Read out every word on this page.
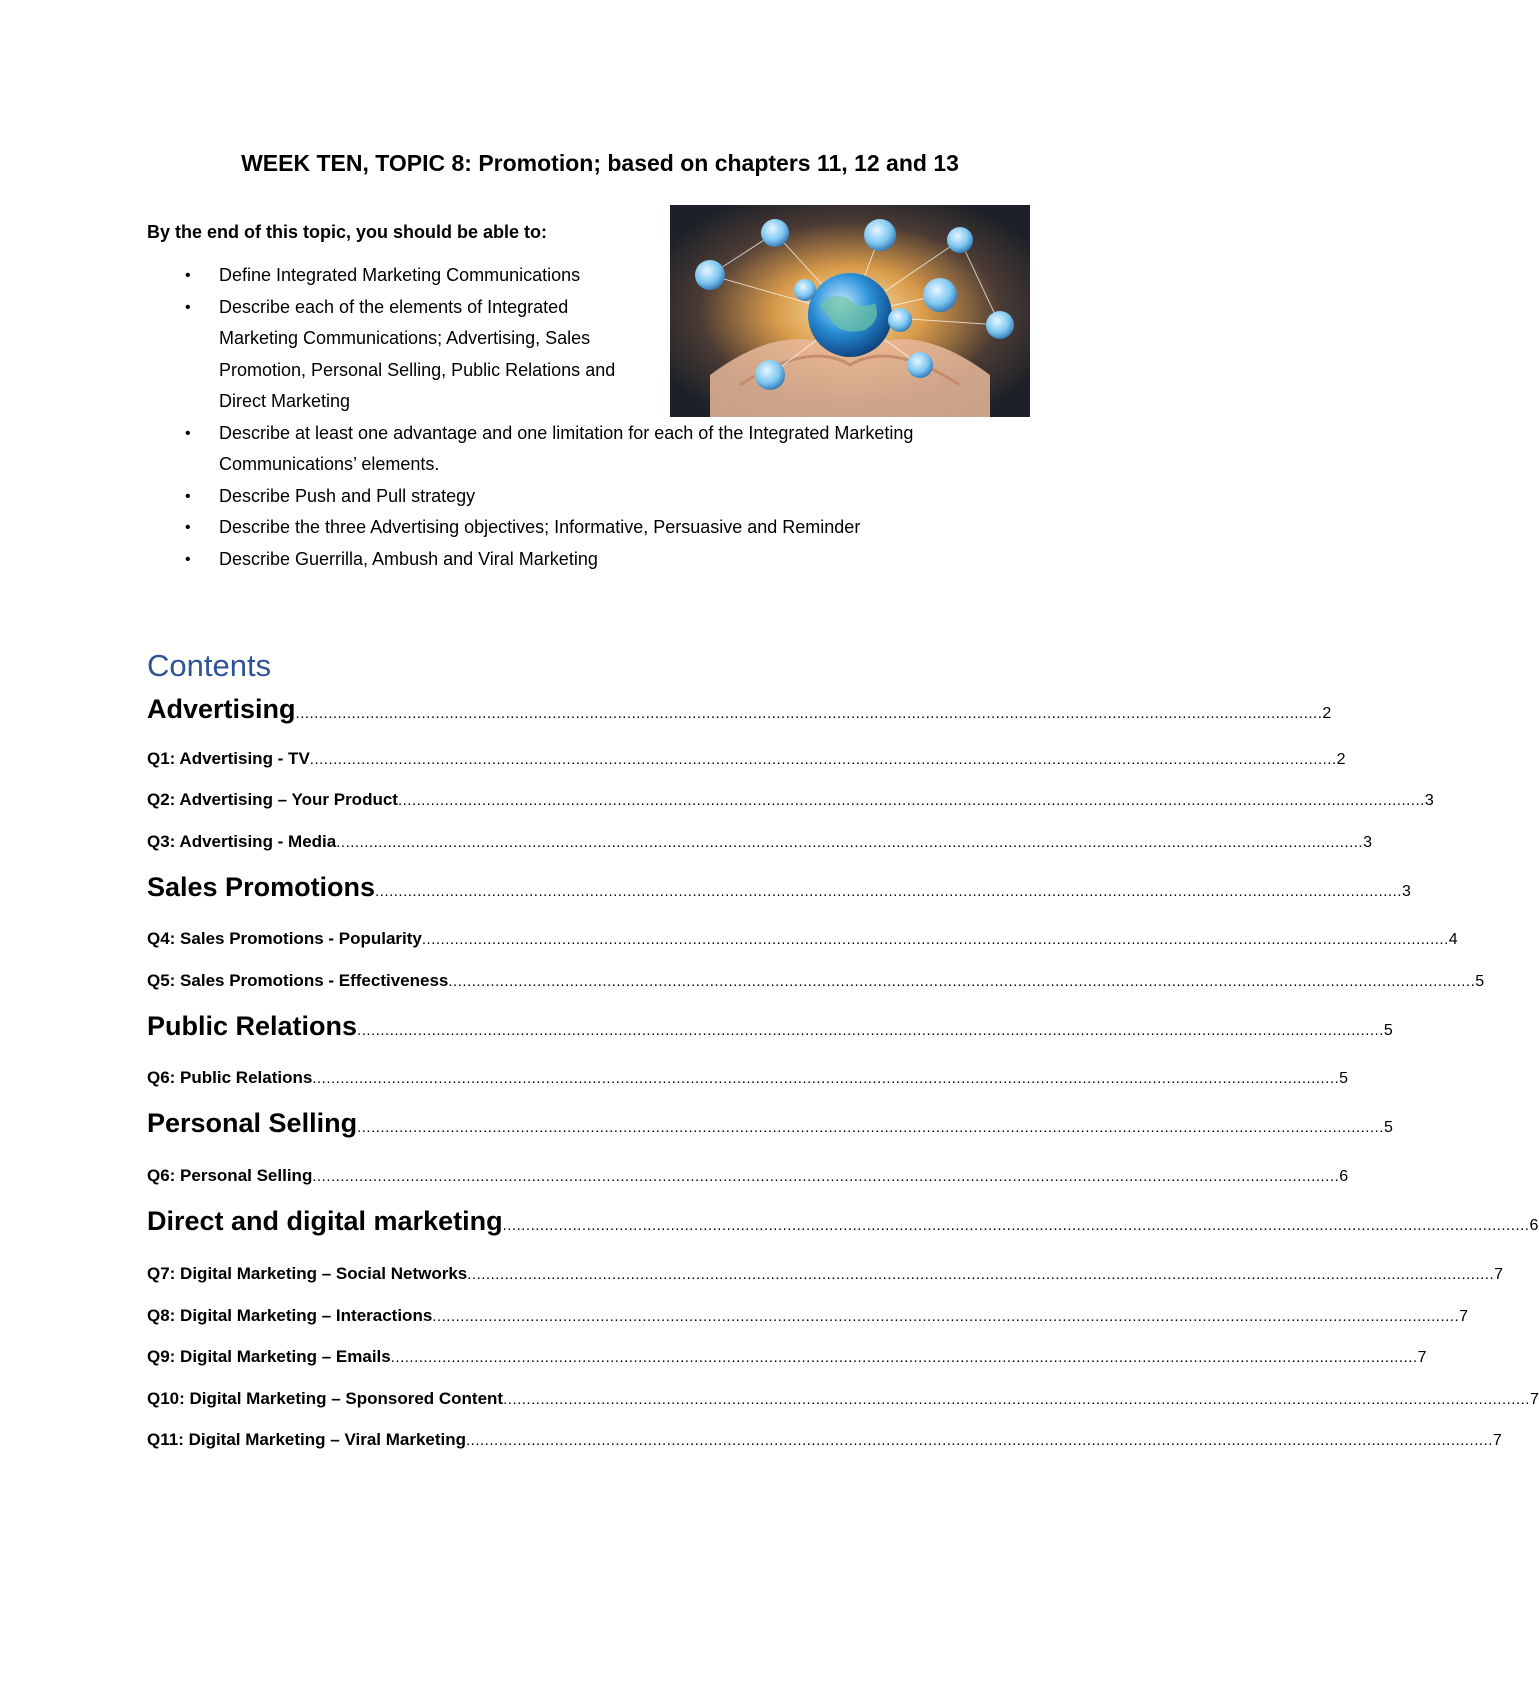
WEEK TEN, TOPIC 8: Promotion; based on chapters 11, 12 and 13
By the end of this topic, you should be able to:
• Define Integrated Marketing Communications
• Describe each of the elements of Integrated Marketing Communications; Advertising, Sales Promotion, Personal Selling, Public Relations and Direct Marketing
• Describe at least one advantage and one limitation for each of the Integrated Marketing Communications’ elements.
• Describe Push and Pull strategy
• Describe the three Advertising objectives; Informative, Persuasive and Reminder
• Describe Guerrilla, Ambush and Viral Marketing
Contents
Advertising ............................................................................................................................................................................................................................ 2
Q1: Advertising - TV ............................................................................................................................................................................................................................ 2
Q2: Advertising – Your Product ............................................................................................................................................................................................................................ 3
Q3: Advertising - Media ............................................................................................................................................................................................................................ 3
Sales Promotions ............................................................................................................................................................................................................................ 3
Q4: Sales Promotions - Popularity ............................................................................................................................................................................................................................ 4
Q5: Sales Promotions - Effectiveness ............................................................................................................................................................................................................................ 5
Public Relations ............................................................................................................................................................................................................................ 5
Q6: Public Relations ............................................................................................................................................................................................................................ 5
Personal Selling ............................................................................................................................................................................................................................ 5
Q6: Personal Selling ............................................................................................................................................................................................................................ 6
Direct and digital marketing ............................................................................................................................................................................................................................ 6
Q7: Digital Marketing – Social Networks ............................................................................................................................................................................................................................ 7
Q8: Digital Marketing – Interactions ............................................................................................................................................................................................................................ 7
Q9: Digital Marketing – Emails ............................................................................................................................................................................................................................ 7
Q10: Digital Marketing – Sponsored Content ............................................................................................................................................................................................................................ 7
Q11: Digital Marketing – Viral Marketing ............................................................................................................................................................................................................................ 7
